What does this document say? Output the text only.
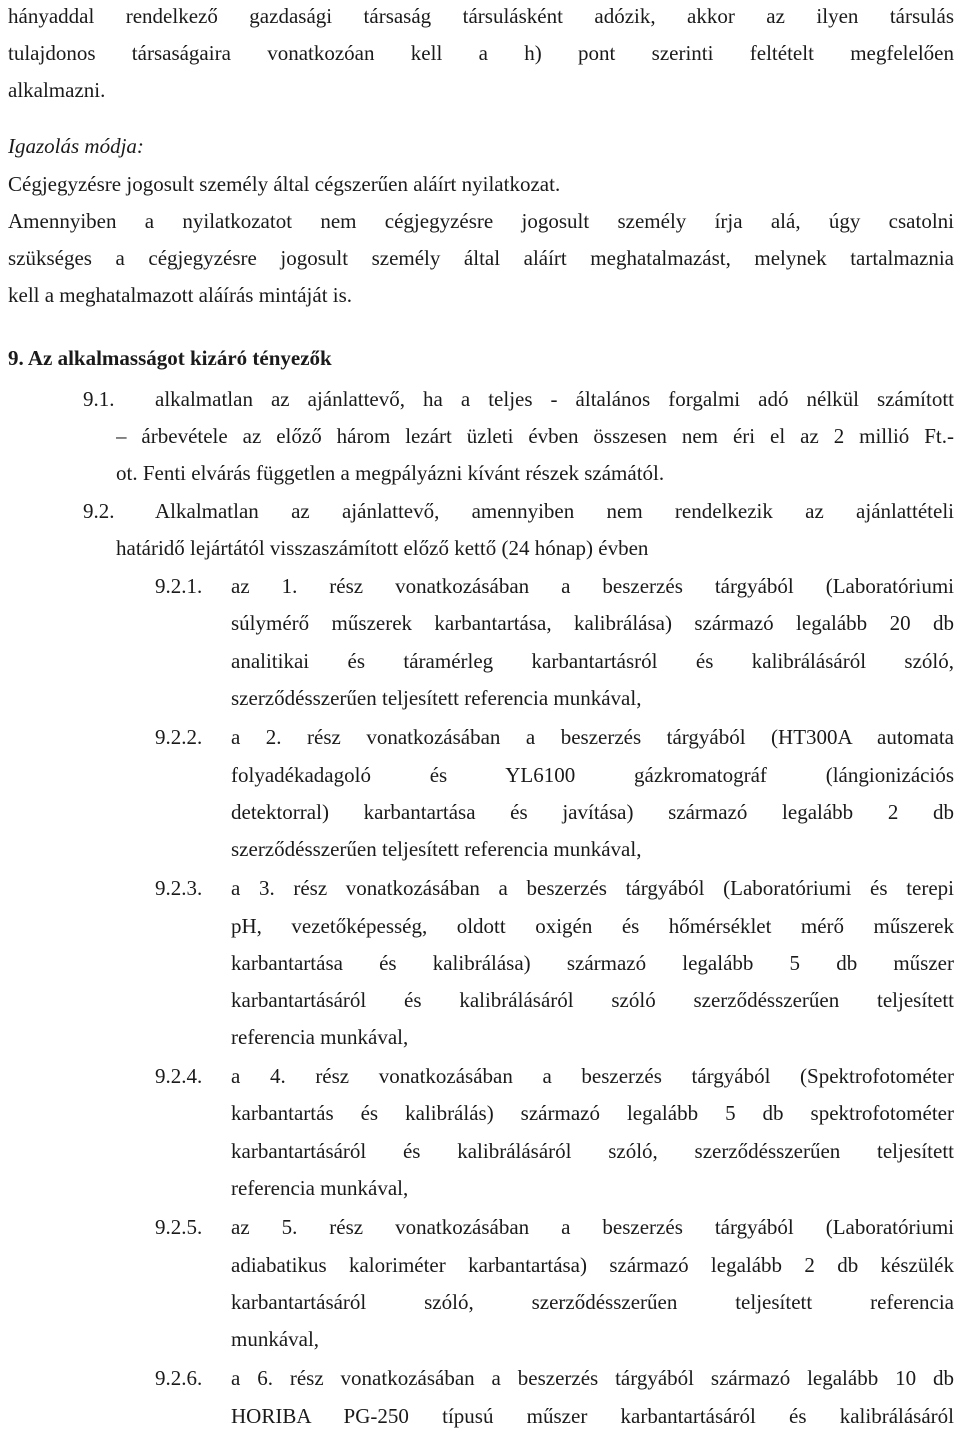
hányaddal rendelkező gazdasági társaság társulásként adózik, akkor az ilyen társulás
tulajdonos társaságaira vonatkozóan kell a h) pont szerinti feltételt megfelelően
alkalmazni.
Igazolás módja:
Cégjegyzésre jogosult személy által cégszerűen aláírt nyilatkozat.
Amennyiben a nyilatkozatot nem cégjegyzésre jogosult személy írja alá, úgy csatolni
szükséges a cégjegyzésre jogosult személy által aláírt meghatalmazást, melynek tartalmaznia
kell a meghatalmazott aláírás mintáját is.
9. Az alkalmasságot kizáró tényezők
9.1. alkalmatlan az ajánlattevő, ha a teljes - általános forgalmi adó nélkül számított
– árbevétele az előző három lezárt üzleti évben összesen nem éri el az 2 millió Ft.-
ot. Fenti elvárás független a megpályázni kívánt részek számától.
9.2. Alkalmatlan az ajánlattevő, amennyiben nem rendelkezik az ajánlattételi
határidő lejártától visszaszámított előző kettő (24 hónap) évben
9.2.1. az 1. rész vonatkozásában a beszerzés tárgyából (Laboratóriumi
súlymérő műszerek karbantartása, kalibrálása) származó legalább 20 db
analitikai és táramérleg karbantartásról és kalibrálásáról szóló,
szerződésszerűen teljesített referencia munkával,
9.2.2. a 2. rész vonatkozásában a beszerzés tárgyából (HT300A automata
folyadékadagoló és YL6100 gázkromatográf (lángionizációs
detektorral) karbantartása és javítása) származó legalább 2 db
szerződésszerűen teljesített referencia munkával,
9.2.3. a 3. rész vonatkozásában a beszerzés tárgyából (Laboratóriumi és terepi
pH, vezetőképesség, oldott oxigén és hőmérséklet mérő műszerek
karbantartása és kalibrálása) származó legalább 5 db műszer
karbantartásáról és kalibrálásáról szóló szerződésszerűen teljesített
referencia munkával,
9.2.4. a 4. rész vonatkozásában a beszerzés tárgyából (Spektrofotométer
karbantartás és kalibrálás) származó legalább 5 db spektrofotométer
karbantartásáról és kalibrálásáról szóló, szerződésszerűen teljesített
referencia munkával,
9.2.5. az 5. rész vonatkozásában a beszerzés tárgyából (Laboratóriumi
adiabatikus kaloriméter karbantartása) származó legalább 2 db készülék
karbantartásáról szóló, szerződésszerűen teljesített referencia
munkával,
9.2.6. a 6. rész vonatkozásában a beszerzés tárgyából származó legalább 10 db
HORIBA PG-250 típusú műszer karbantartásáról és kalibrálásáról
